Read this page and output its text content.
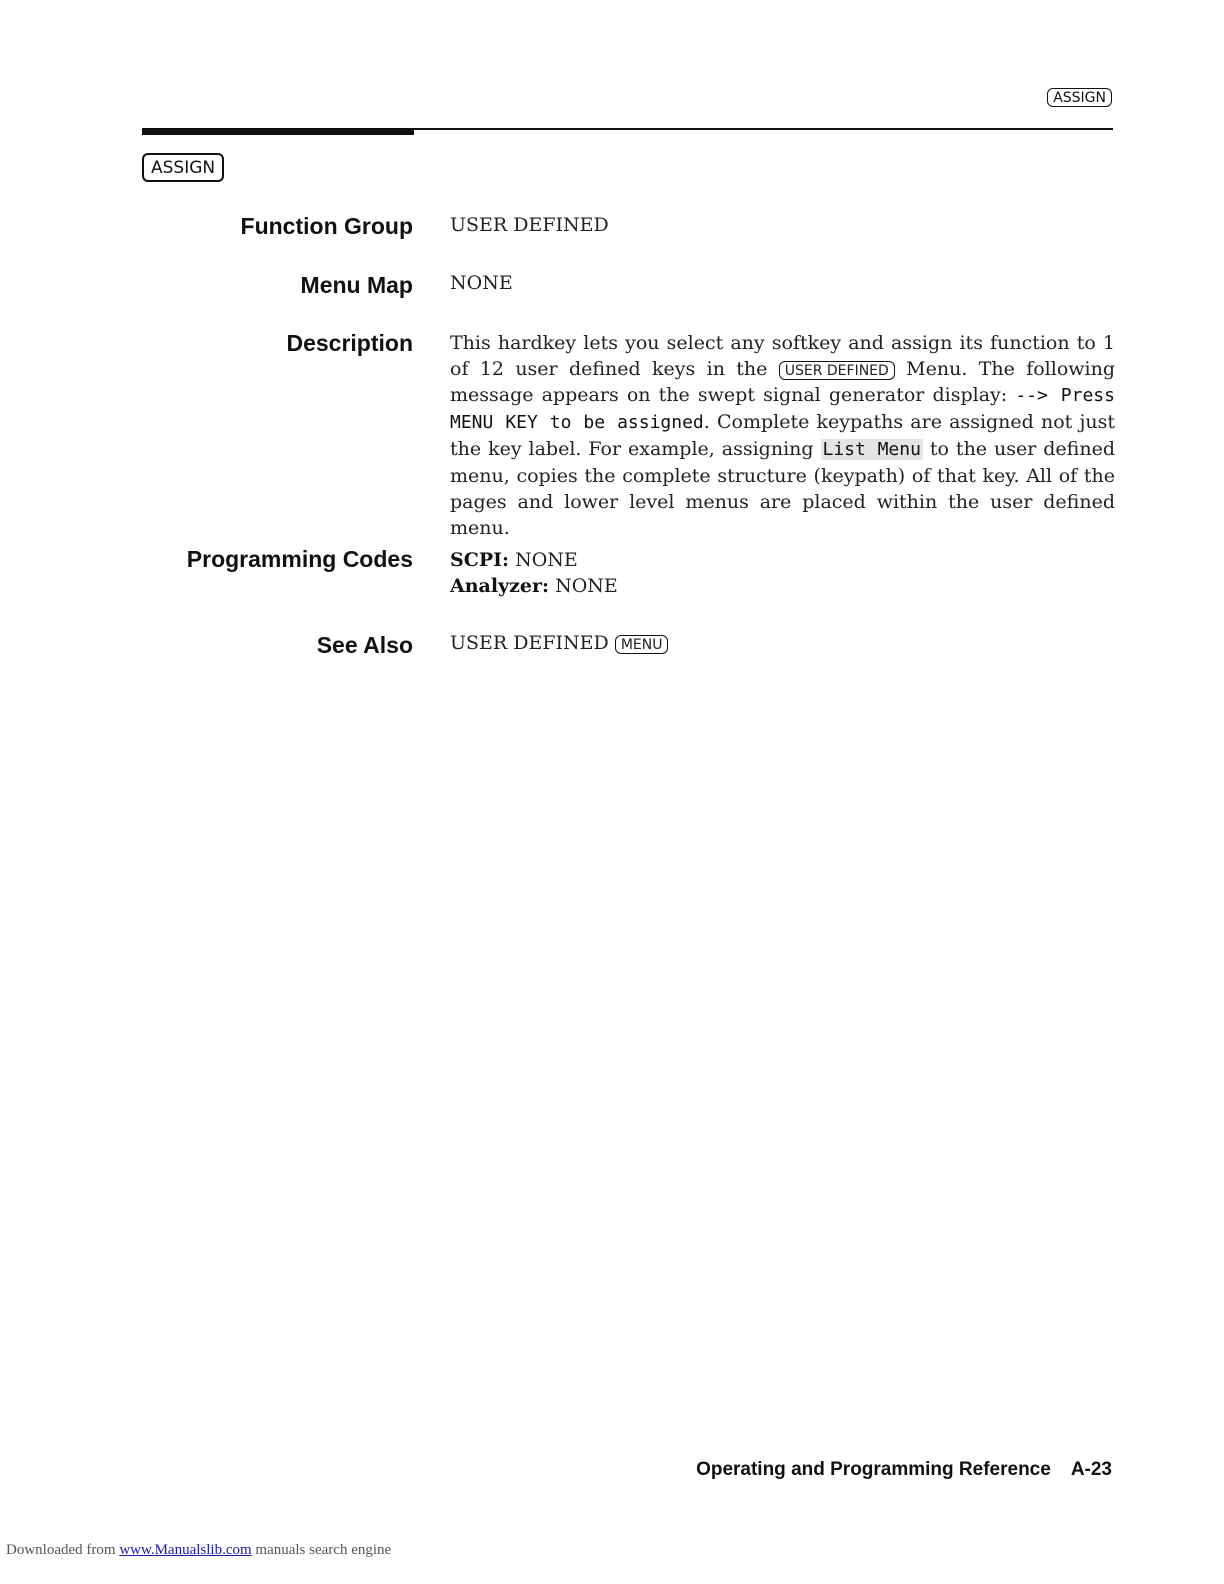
ASSIGN
ASSIGN
Function Group USER DEFINED
Menu Map NONE
Description This hardkey lets you select any softkey and assign its function to 1 of 12 user defined keys in the USER DEFINED Menu. The following message appears on the swept signal generator display: --> Press MENU KEY to be assigned. Complete keypaths are assigned not just the key label. For example, assigning List Menu to the user defined menu, copies the complete structure (keypath) of that key. All of the pages and lower level menus are placed within the user defined menu.
Programming Codes SCPI: NONE
Analyzer: NONE
See Also USER DEFINED MENU
Operating and Programming Reference A-23
Downloaded from www.Manualslib.com manuals search engine
